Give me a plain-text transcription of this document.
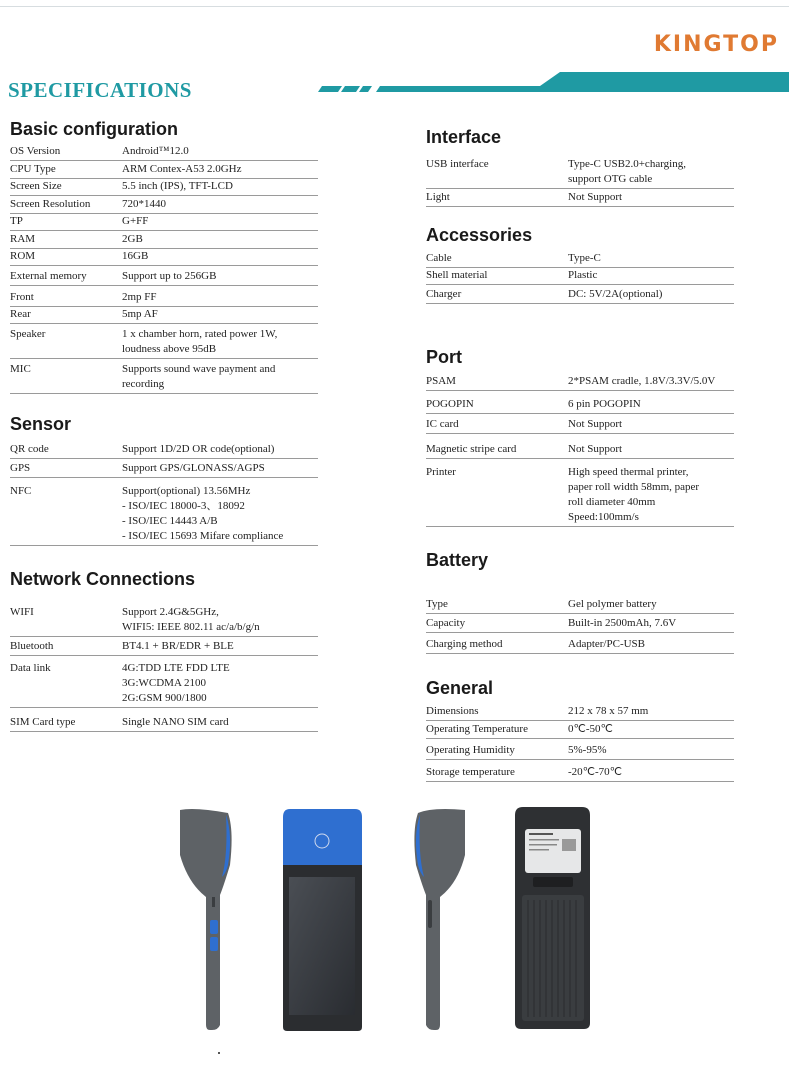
KINGTOP
SPECIFICATIONS
Basic configuration
OS Version	Android™12.0
CPU Type	ARM Contex-A53 2.0GHz
Screen Size	5.5 inch (IPS), TFT-LCD
Screen Resolution	720*1440
TP	G+FF
RAM	2GB
ROM	16GB
External memory	Support up to 256GB
Front	2mp FF
Rear	5mp AF
Speaker	1 x chamber horn, rated power 1W,
loudness above 95dB
MIC	Supports sound wave payment and
recording
Sensor
QR code	Support 1D/2D OR code(optional)
GPS	Support GPS/GLONASS/AGPS
NFC	Support(optional) 13.56MHz
- ISO/IEC 18000-3、18092
- ISO/IEC 14443 A/B
- ISO/IEC 15693 Mifare compliance
Network Connections
WIFI	Support 2.4G&5GHz,
WIFI5: IEEE 802.11 ac/a/b/g/n
Bluetooth	BT4.1 + BR/EDR + BLE
Data link	4G:TDD LTE FDD LTE
3G:WCDMA 2100
2G:GSM 900/1800
SIM Card type	Single NANO SIM card
Interface
USB interface	Type-C USB2.0+charging,
support OTG cable
Light	Not Support
Accessories
Cable	Type-C
Shell material	Plastic
Charger	DC: 5V/2A(optional)
Port
PSAM	2*PSAM cradle, 1.8V/3.3V/5.0V
POGOPIN	6 pin POGOPIN
IC card	Not Support
Magnetic stripe card	Not Support
Printer	High speed thermal printer,
paper roll width 58mm, paper
roll diameter 40mm
Speed:100mm/s
Battery
Type	Gel polymer battery
Capacity	Built-in 2500mAh, 7.6V
Charging method	Adapter/PC-USB
General
Dimensions	212 x 78 x 57 mm
Operating Temperature	0℃-50℃
Operating Humidity	5%-95%
Storage temperature	-20℃-70℃
